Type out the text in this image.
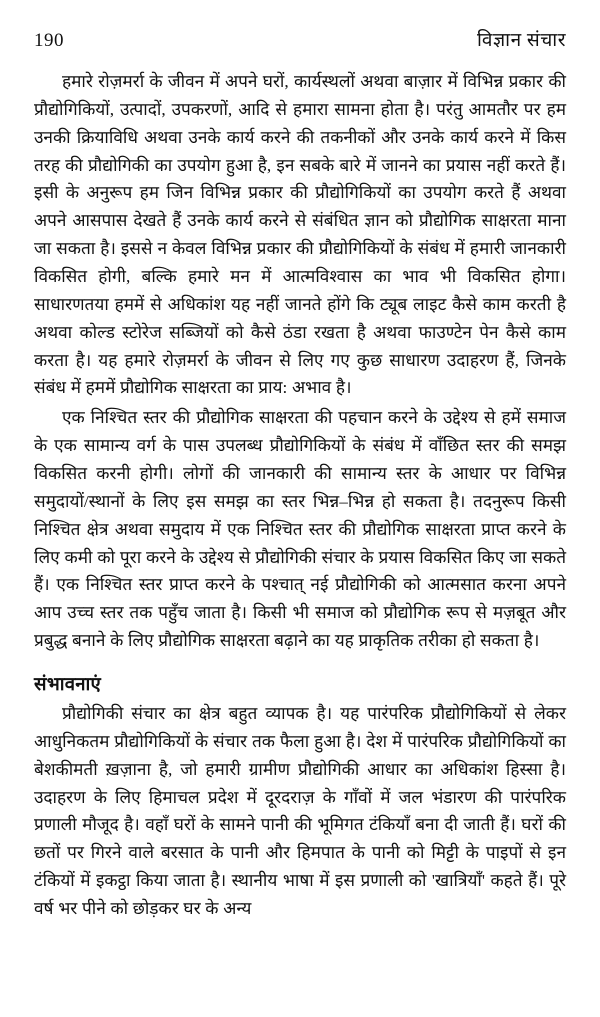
190	विज्ञान संचार

हमारे रोज़मर्रा के जीवन में अपने घरों, कार्यस्थलों अथवा बाज़ार में विभिन्न प्रकार की प्रौद्योगिकियों, उत्पादों, उपकरणों, आदि से हमारा सामना होता है। परंतु आमतौर पर हम उनकी क्रियाविधि अथवा उनके कार्य करने की तकनीकों और उनके कार्य करने में किस तरह की प्रौद्योगिकी का उपयोग हुआ है, इन सबके बारे में जानने का प्रयास नहीं करते हैं। इसी के अनुरूप हम जिन विभिन्न प्रकार की प्रौद्योगिकियों का उपयोग करते हैं अथवा अपने आसपास देखते हैं उनके कार्य करने से संबंधित ज्ञान को प्रौद्योगिक साक्षरता माना जा सकता है। इससे न केवल विभिन्न प्रकार की प्रौद्योगिकियों के संबंध में हमारी जानकारी विकसित होगी, बल्कि हमारे मन में आत्मविश्वास का भाव भी विकसित होगा। साधारणतया हममें से अधिकांश यह नहीं जानते होंगे कि ट्यूब लाइट कैसे काम करती है अथवा कोल्ड स्टोरेज सब्जियों को कैसे ठंडा रखता है अथवा फाउण्टेन पेन कैसे काम करता है। यह हमारे रोज़मर्रा के जीवन से लिए गए कुछ साधारण उदाहरण हैं, जिनके संबंध में हममें प्रौद्योगिक साक्षरता का प्राय: अभाव है।

एक निश्चित स्तर की प्रौद्योगिक साक्षरता की पहचान करने के उद्देश्य से हमें समाज के एक सामान्य वर्ग के पास उपलब्ध प्रौद्योगिकियों के संबंध में वाँछित स्तर की समझ विकसित करनी होगी। लोगों की जानकारी की सामान्य स्तर के आधार पर विभिन्न समुदायों/स्थानों के लिए इस समझ का स्तर भिन्न–भिन्न हो सकता है। तदनुरूप किसी निश्चित क्षेत्र अथवा समुदाय में एक निश्चित स्तर की प्रौद्योगिक साक्षरता प्राप्त करने के लिए कमी को पूरा करने के उद्देश्य से प्रौद्योगिकी संचार के प्रयास विकसित किए जा सकते हैं। एक निश्चित स्तर प्राप्त करने के पश्चात् नई प्रौद्योगिकी को आत्मसात करना अपने आप उच्च स्तर तक पहुँच जाता है। किसी भी समाज को प्रौद्योगिक रूप से मज़बूत और प्रबुद्ध बनाने के लिए प्रौद्योगिक साक्षरता बढ़ाने का यह प्राकृतिक तरीका हो सकता है।

संभावनाएं

प्रौद्योगिकी संचार का क्षेत्र बहुत व्यापक है। यह पारंपरिक प्रौद्योगिकियों से लेकर आधुनिकतम प्रौद्योगिकियों के संचार तक फैला हुआ है। देश में पारंपरिक प्रौद्योगिकियों का बेशकीमती ख़ज़ाना है, जो हमारी ग्रामीण प्रौद्योगिकी आधार का अधिकांश हिस्सा है। उदाहरण के लिए हिमाचल प्रदेश में दूरदराज़ के गाँवों में जल भंडारण की पारंपरिक प्रणाली मौजूद है। वहाँ घरों के सामने पानी की भूमिगत टंकियाँ बना दी जाती हैं। घरों की छतों पर गिरने वाले बरसात के पानी और हिमपात के पानी को मिट्टी के पाइपों से इन टंकियों में इकट्ठा किया जाता है। स्थानीय भाषा में इस प्रणाली को 'खात्रियाँ' कहते हैं। पूरे वर्ष भर पीने को छोड़कर घर के अन्य
